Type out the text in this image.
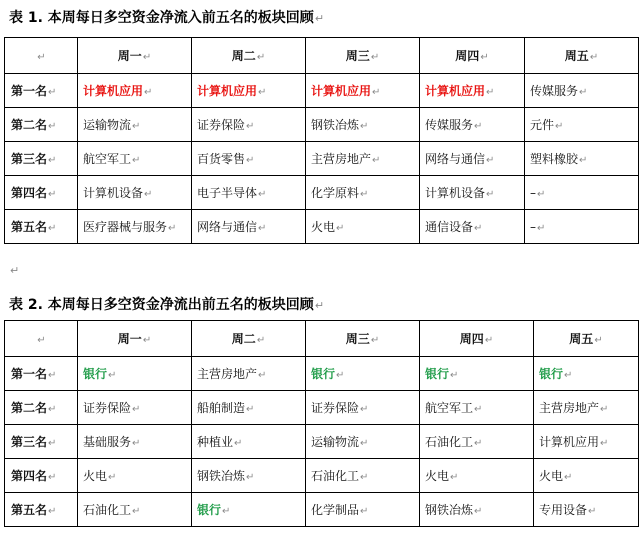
表 1. 本周每日多空资金净流入前五名的板块回顾↵
↵	周一↵	周二↵	周三↵	周四↵	周五↵
第一名↵	计算机应用↵	计算机应用↵	计算机应用↵	计算机应用↵	传媒服务↵
第二名↵	运输物流↵	证券保险↵	钢铁冶炼↵	传媒服务↵	元件↵
第三名↵	航空军工↵	百货零售↵	主营房地产↵	网络与通信↵	塑料橡胶↵
第四名↵	计算机设备↵	电子半导体↵	化学原料↵	计算机设备↵	–↵
第五名↵	医疗器械与服务↵	网络与通信↵	火电↵	通信设备↵	–↵
↵
表 2. 本周每日多空资金净流出前五名的板块回顾↵
↵	周一↵	周二↵	周三↵	周四↵	周五↵
第一名↵	银行↵	主营房地产↵	银行↵	银行↵	银行↵
第二名↵	证券保险↵	船舶制造↵	证券保险↵	航空军工↵	主营房地产↵
第三名↵	基础服务↵	种植业↵	运输物流↵	石油化工↵	计算机应用↵
第四名↵	火电↵	钢铁冶炼↵	石油化工↵	火电↵	火电↵
第五名↵	石油化工↵	银行↵	化学制品↵	钢铁冶炼↵	专用设备↵
